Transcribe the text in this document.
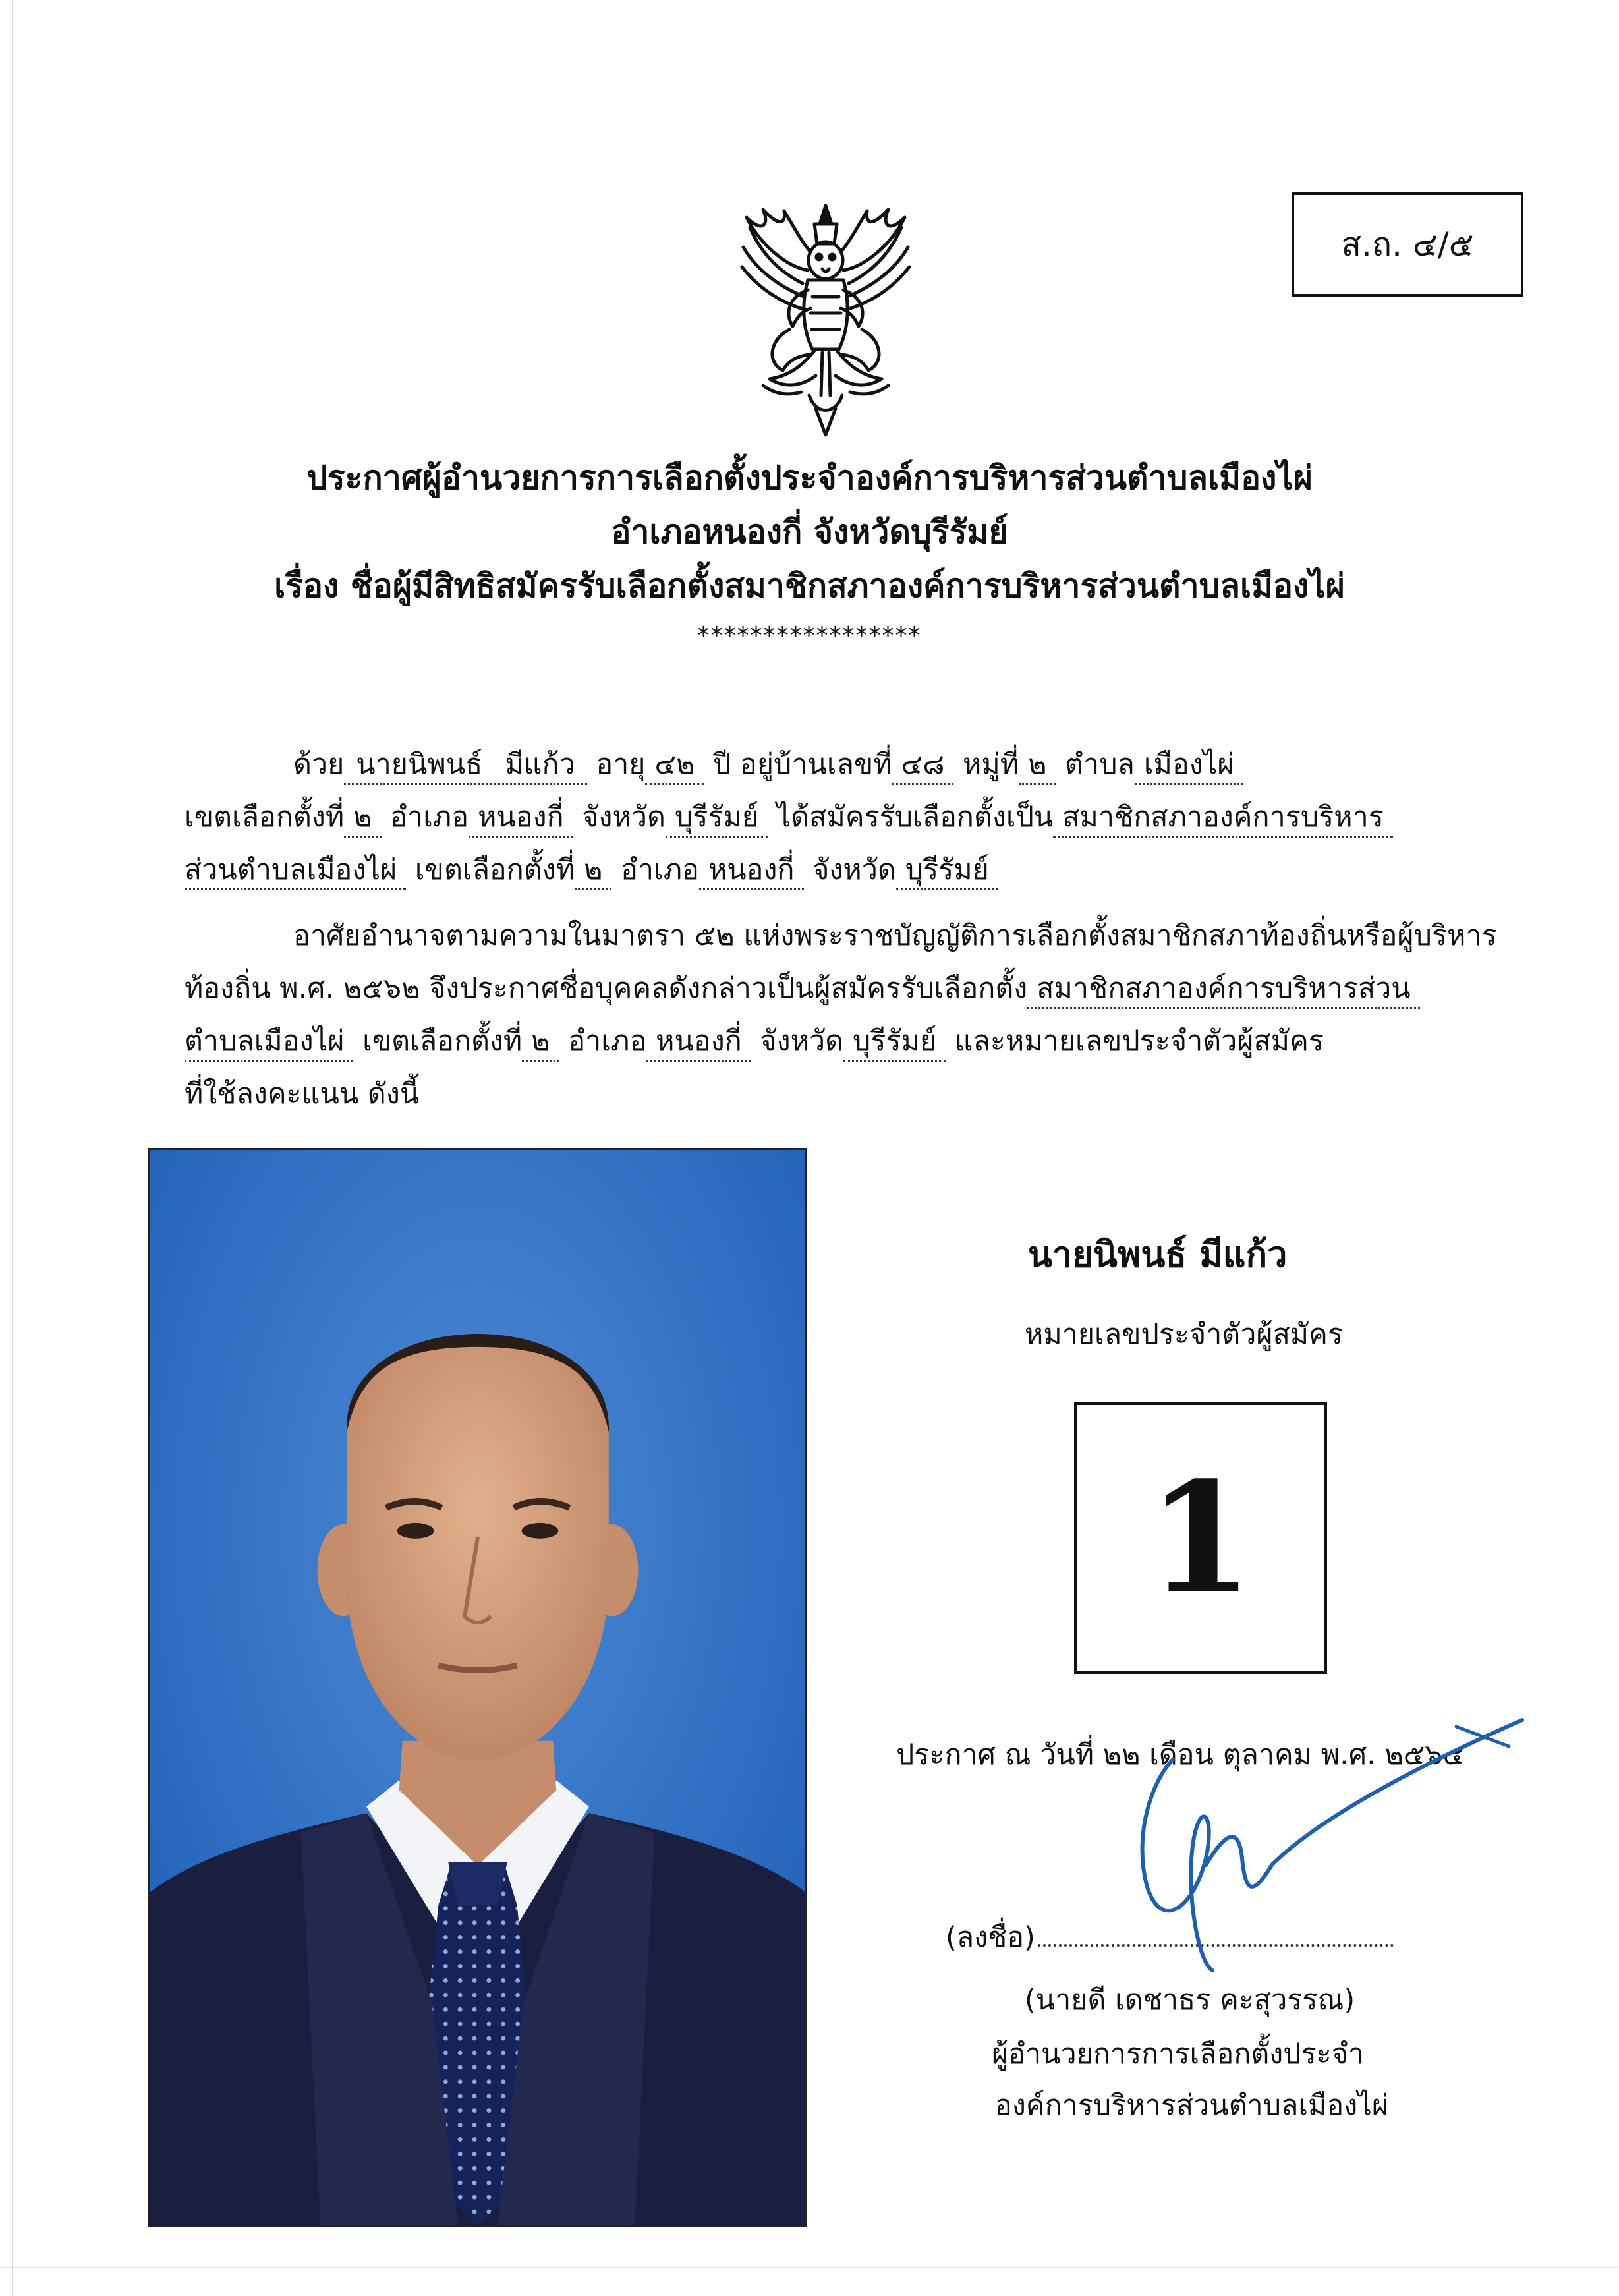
ส.ถ. ๔/๕
ประกาศผู้อำนวยการการเลือกตั้งประจำองค์การบริหารส่วนตำบลเมืองไผ่
อำเภอหนองกี่ จังหวัดบุรีรัมย์
เรื่อง ชื่อผู้มีสิทธิสมัครรับเลือกตั้งสมาชิกสภาองค์การบริหารส่วนตำบลเมืองไผ่
*****************
ด้วย นายนิพนธ์ มีแก้ว อายุ ๔๒ ปี อยู่บ้านเลขที่ ๔๘ หมู่ที่ ๒ ตำบล เมืองไผ่
เขตเลือกตั้งที่ ๒ อำเภอ หนองกี่ จังหวัด บุรีรัมย์ ได้สมัครรับเลือกตั้งเป็น สมาชิกสภาองค์การบริหาร
ส่วนตำบลเมืองไผ่ เขตเลือกตั้งที่ ๒ อำเภอ หนองกี่ จังหวัด บุรีรัมย์
อาศัยอำนาจตามความในมาตรา ๕๒ แห่งพระราชบัญญัติการเลือกตั้งสมาชิกสภาท้องถิ่นหรือผู้บริหาร
ท้องถิ่น พ.ศ. ๒๕๖๒ จึงประกาศชื่อบุคคลดังกล่าวเป็นผู้สมัครรับเลือกตั้ง สมาชิกสภาองค์การบริหารส่วน
ตำบลเมืองไผ่ เขตเลือกตั้งที่ ๒ อำเภอ หนองกี่ จังหวัด บุรีรัมย์ และหมายเลขประจำตัวผู้สมัคร
ที่ใช้ลงคะแนน ดังนี้
นายนิพนธ์ มีแก้ว
หมายเลขประจำตัวผู้สมัคร
1
ประกาศ ณ วันที่ ๒๒ เดือน ตุลาคม พ.ศ. ๒๕๖๔
(ลงชื่อ)
(นายดี เดชาธร คะสุวรรณ)
ผู้อำนวยการการเลือกตั้งประจำ
องค์การบริหารส่วนตำบลเมืองไผ่
